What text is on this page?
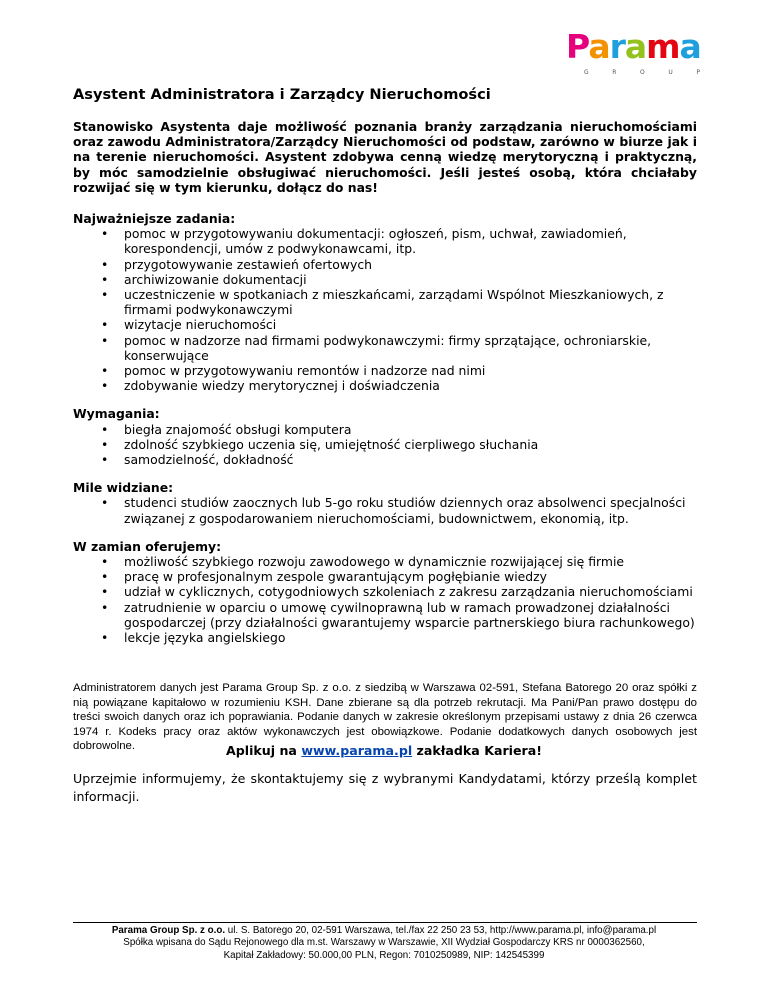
Parama
G	R	O	U	P
Asystent Administratora i Zarządcy Nieruchomości

Stanowisko Asystenta daje możliwość poznania branży zarządzania nieruchomościami oraz zawodu Administratora/Zarządcy Nieruchomości od podstaw, zarówno w biurze jak i na terenie nieruchomości. Asystent zdobywa cenną wiedzę merytoryczną i praktyczną, by móc samodzielnie obsługiwać nieruchomości. Jeśli jesteś osobą, która chciałaby rozwijać się w tym kierunku, dołącz do nas!

Najważniejsze zadania:

• pomoc w przygotowywaniu dokumentacji: ogłoszeń, pism, uchwał, zawiadomień, korespondencji, umów z podwykonawcami, itp.
• przygotowywanie zestawień ofertowych
• archiwizowanie dokumentacji
• uczestniczenie w spotkaniach z mieszkańcami, zarządami Wspólnot Mieszkaniowych, z firmami podwykonawczymi
• wizytacje nieruchomości
• pomoc w nadzorze nad firmami podwykonawczymi: firmy sprzątające, ochroniarskie, konserwujące
• pomoc w przygotowywaniu remontów i nadzorze nad nimi
• zdobywanie wiedzy merytorycznej i doświadczenia

Wymagania:

• biegła znajomość obsługi komputera
• zdolność szybkiego uczenia się, umiejętność cierpliwego słuchania
• samodzielność, dokładność

Mile widziane:

• studenci studiów zaocznych lub 5-go roku studiów dziennych oraz absolwenci specjalności związanej z gospodarowaniem nieruchomościami, budownictwem, ekonomią, itp.

W zamian oferujemy:

• możliwość szybkiego rozwoju zawodowego w dynamicznie rozwijającej się firmie
• pracę w profesjonalnym zespole gwarantującym pogłębianie wiedzy
• udział w cyklicznych, cotygodniowych szkoleniach z zakresu zarządzania nieruchomościami
• zatrudnienie w oparciu o umowę cywilnoprawną lub w ramach prowadzonej działalności gospodarczej (przy działalności gwarantujemy wsparcie partnerskiego biura rachunkowego)
• lekcje języka angielskiego

Administratorem danych jest Parama Group Sp. z o.o. z siedzibą w Warszawa 02-591, Stefana Batorego 20 oraz spółki z nią powiązane kapitałowo w rozumieniu KSH. Dane zbierane są dla potrzeb rekrutacji. Ma Pani/Pan prawo dostępu do treści swoich danych oraz ich poprawiania. Podanie danych w zakresie określonym przepisami ustawy z dnia 26 czerwca 1974 r. Kodeks pracy oraz aktów wykonawczych jest obowiązkowe. Podanie dodatkowych danych osobowych jest dobrowolne.	Aplikuj na www.parama.pl zakładka Kariera!

Uprzejmie informujemy, że skontaktujemy się z wybranymi Kandydatami, którzy prześlą komplet informacji.

Parama Group Sp. z o.o. ul. S. Batorego 20, 02-591 Warszawa, tel./fax 22 250 23 53, http://www.parama.pl, info@parama.pl
Spółka wpisana do Sądu Rejonowego dla m.st. Warszawy w Warszawie, XII Wydział Gospodarczy KRS nr 0000362560,
Kapitał Zakładowy: 50.000,00 PLN, Regon: 7010250989, NIP: 142545399
